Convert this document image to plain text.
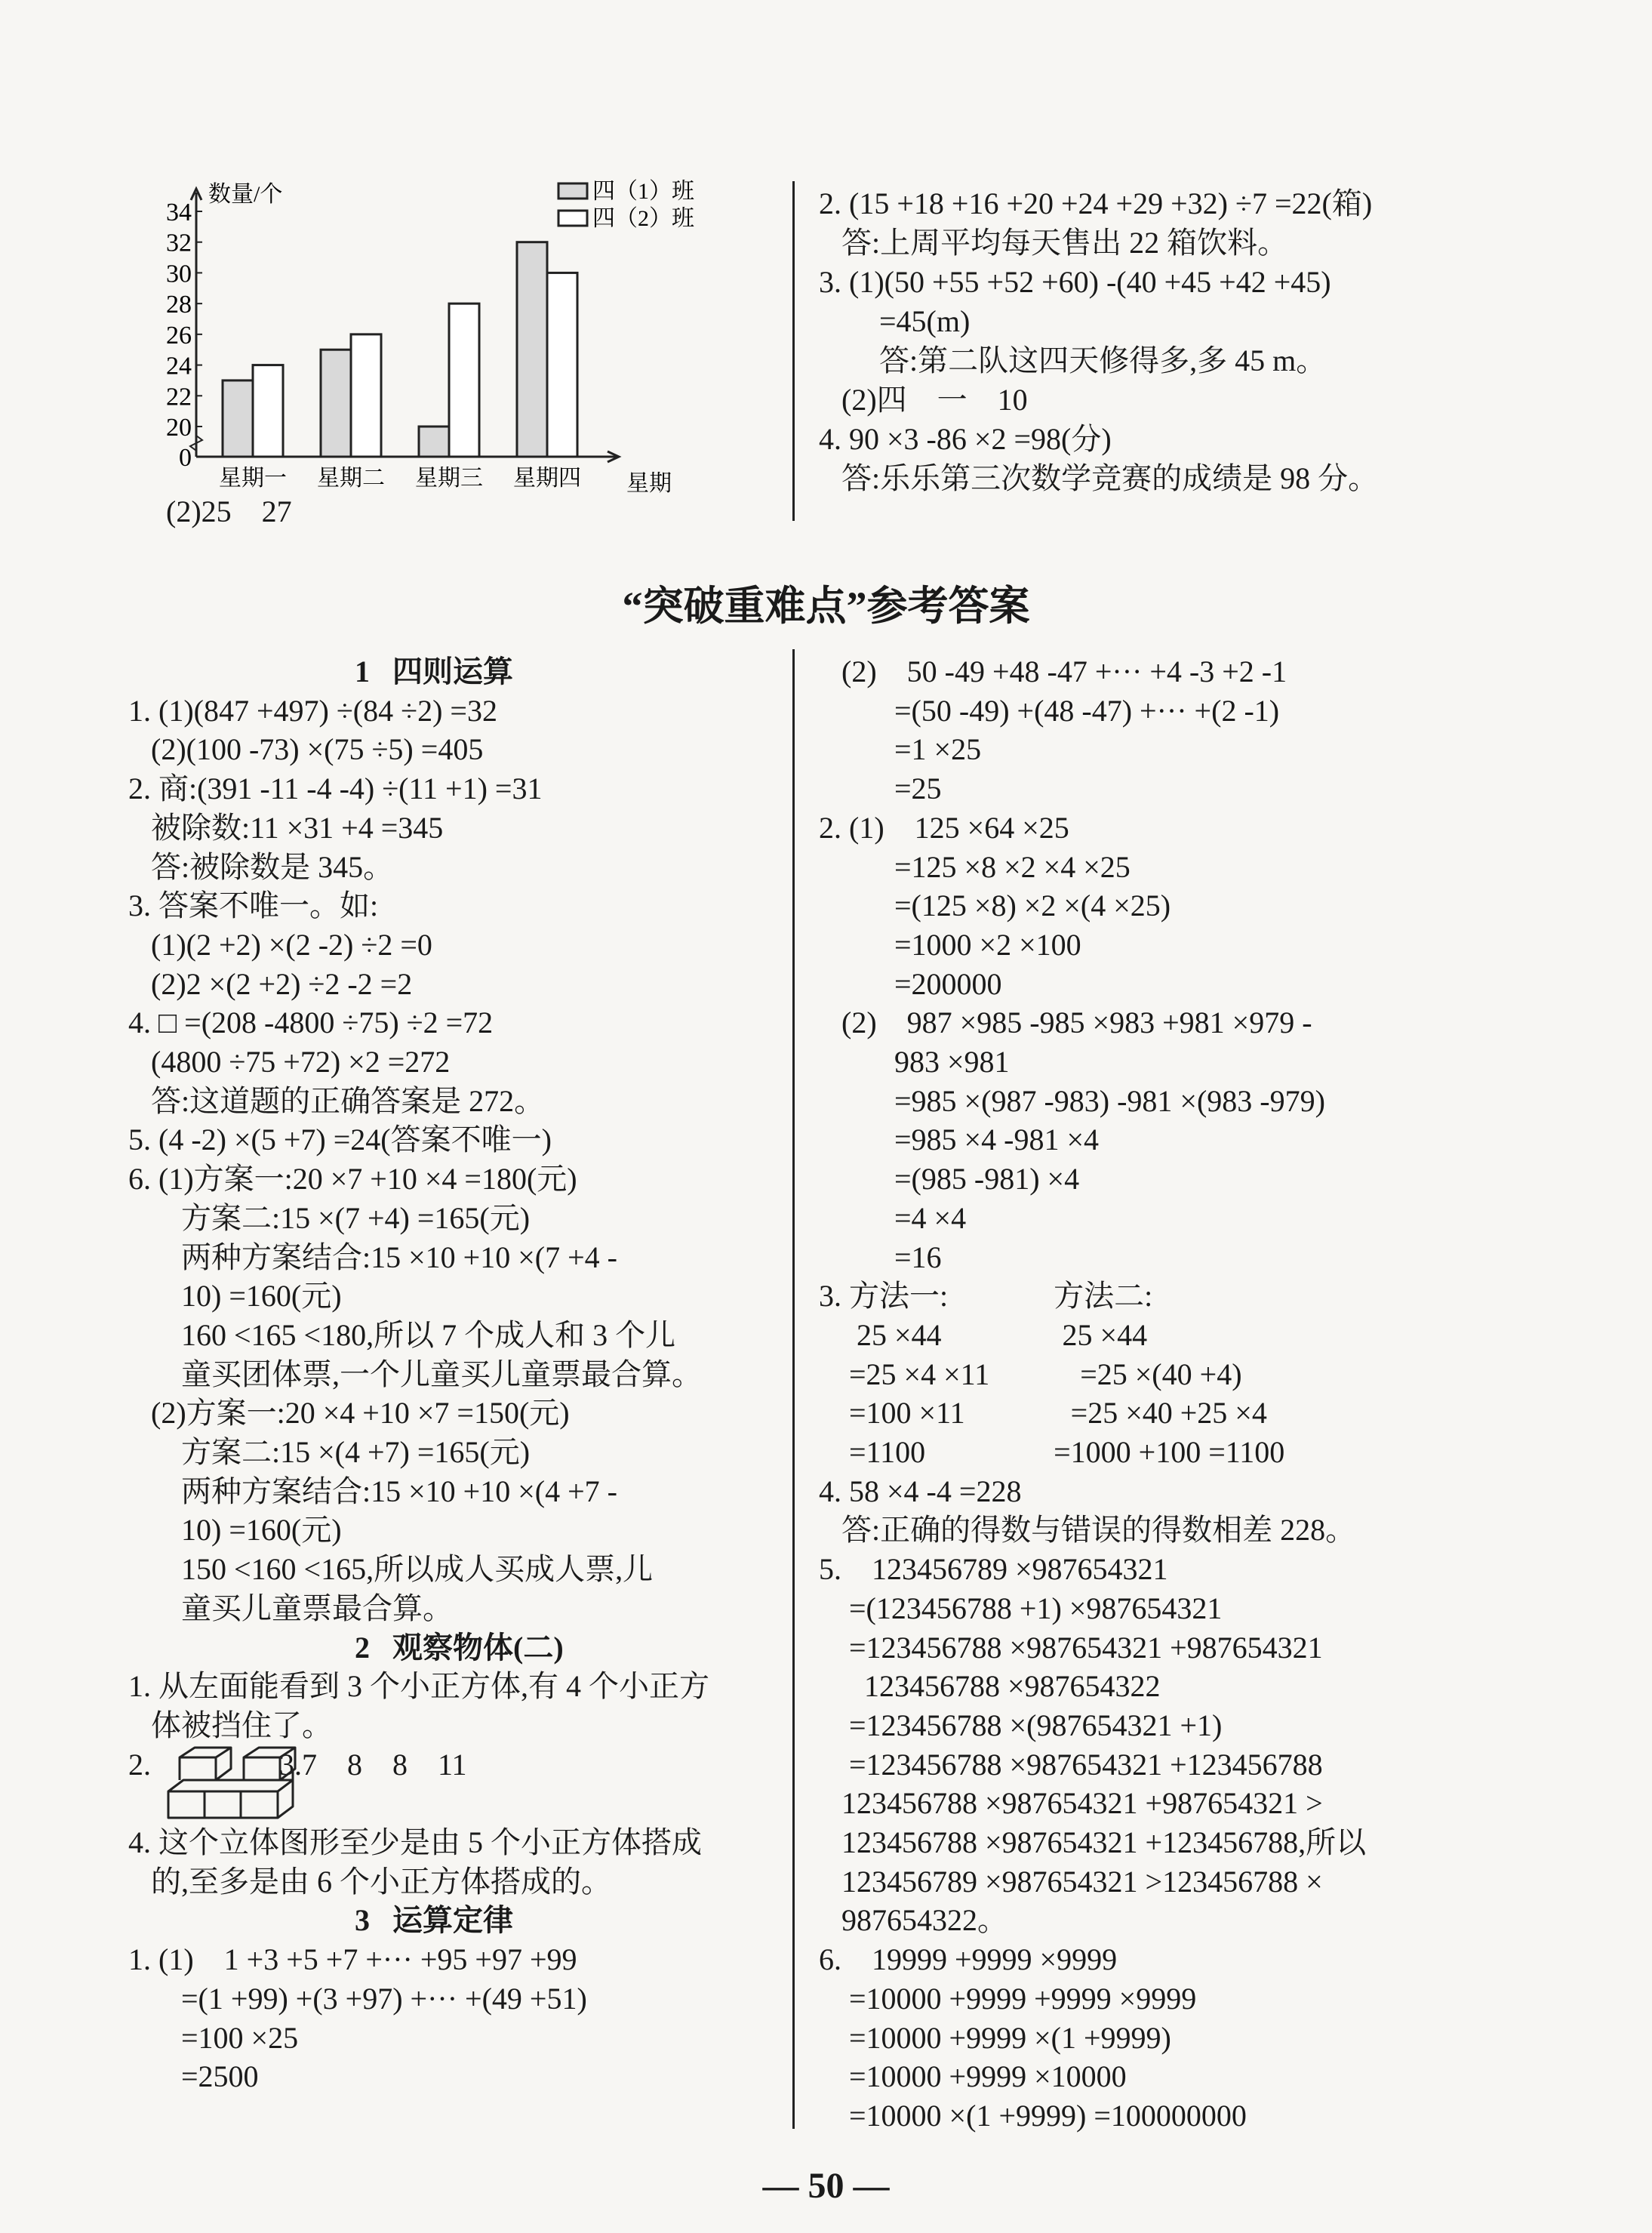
0
20
22
24
26
28
30
32
34
数量/个
星期
星期一 星期二 星期三 星期四
四（1）班
四（2）班
(2)25    27
2. (15 +18 +16 +20 +24 +29 +32) ÷7 =22(箱)
答:上周平均每天售出 22 箱饮料。
3. (1)(50 +55 +52 +60) -(40 +45 +42 +45)
=45(m)
答:第二队这四天修得多,多 45 m。
(2)四    一    10
4. 90 ×3 -86 ×2 =98(分)
答:乐乐第三次数学竞赛的成绩是 98 分。
“突破重难点”参考答案
1   四则运算
1. (1)(847 +497) ÷(84 ÷2) =32
(2)(100 -73) ×(75 ÷5) =405
2. 商:(391 -11 -4 -4) ÷(11 +1) =31
被除数:11 ×31 +4 =345
答:被除数是 345。
3. 答案不唯一。如:
(1)(2 +2) ×(2 -2) ÷2 =0
(2)2 ×(2 +2) ÷2 -2 =2
4. □ =(208 -4800 ÷75) ÷2 =72
(4800 ÷75 +72) ×2 =272
答:这道题的正确答案是 272。
5. (4 -2) ×(5 +7) =24(答案不唯一)
6. (1)方案一:20 ×7 +10 ×4 =180(元)
方案二:15 ×(7 +4) =165(元)
两种方案结合:15 ×10 +10 ×(7 +4 -
10) =160(元)
160 <165 <180,所以 7 个成人和 3 个儿
童买团体票,一个儿童买儿童票最合算。
(2)方案一:20 ×4 +10 ×7 =150(元)
方案二:15 ×(4 +7) =165(元)
两种方案结合:15 ×10 +10 ×(4 +7 -
10) =160(元)
150 <160 <165,所以成人买成人票,儿
童买儿童票最合算。
2   观察物体(二)
1. 从左面能看到 3 个小正方体,有 4 个小正方
体被挡住了。
2.                 3.7    8    8    11
4. 这个立体图形至少是由 5 个小正方体搭成
的,至多是由 6 个小正方体搭成的。
3   运算定律
1. (1)    1 +3 +5 +7 +··· +95 +97 +99
=(1 +99) +(3 +97) +··· +(49 +51)
=100 ×25
=2500
(2)    50 -49 +48 -47 +··· +4 -3 +2 -1
=(50 -49) +(48 -47) +··· +(2 -1)
=1 ×25
=25
2. (1)    125 ×64 ×25
=125 ×8 ×2 ×4 ×25
=(125 ×8) ×2 ×(4 ×25)
=1000 ×2 ×100
=200000
(2)    987 ×985 -985 ×983 +981 ×979 -
983 ×981
=985 ×(987 -983) -981 ×(983 -979)
=985 ×4 -981 ×4
=(985 -981) ×4
=4 ×4
=16
3. 方法一:              方法二:
25 ×44                25 ×44
=25 ×4 ×11            =25 ×(40 +4)
=100 ×11              =25 ×40 +25 ×4
=1100                 =1000 +100 =1100
4. 58 ×4 -4 =228
答:正确的得数与错误的得数相差 228。
5.    123456789 ×987654321
=(123456788 +1) ×987654321
=123456788 ×987654321 +987654321
123456788 ×987654322
=123456788 ×(987654321 +1)
=123456788 ×987654321 +123456788
123456788 ×987654321 +987654321 >
123456788 ×987654321 +123456788,所以
123456789 ×987654321 >123456788 ×
987654322。
6.    19999 +9999 ×9999
=10000 +9999 +9999 ×9999
=10000 +9999 ×(1 +9999)
=10000 +9999 ×10000
=10000 ×(1 +9999) =100000000
— 50 —
